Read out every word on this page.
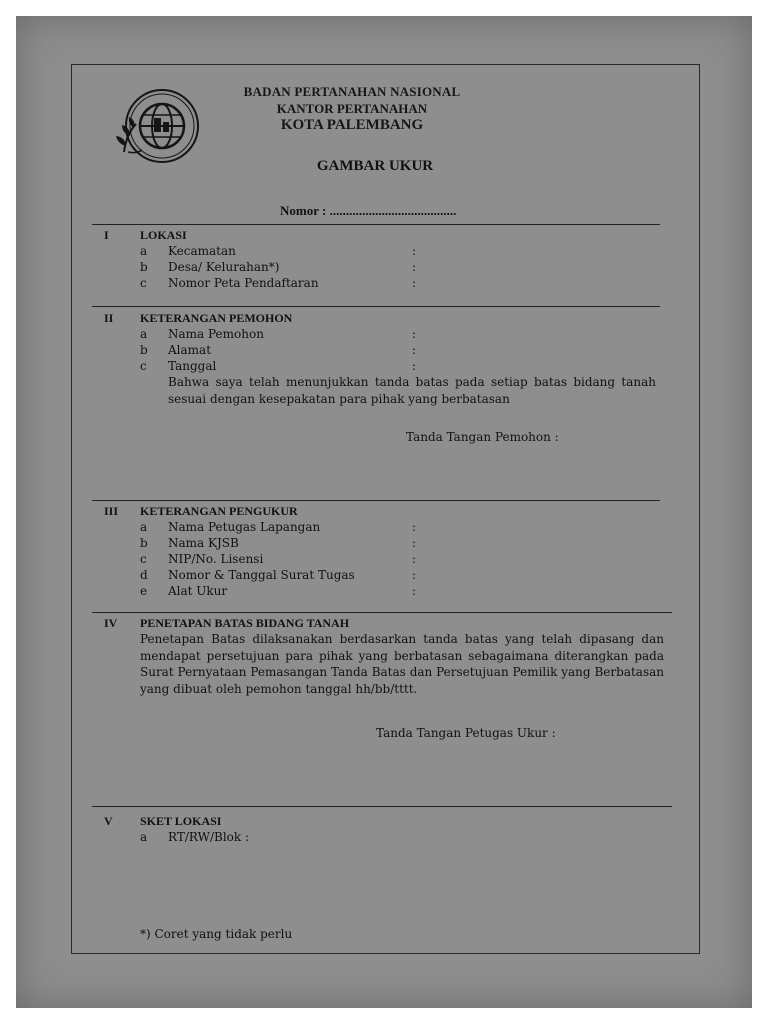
BADAN PERTANAHAN NASIONAL
KANTOR PERTANAHAN
KOTA PALEMBANG
GAMBAR UKUR
Nomor : .......................................
I	LOKASI
a Kecamatan	:
b Desa/ Kelurahan*)	:
c Nomor Peta Pendaftaran	:
II KETERANGAN PEMOHON
a Nama Pemohon	:
b Alamat	:
c Tanggal	:
Bahwa saya telah menunjukkan tanda batas pada setiap batas bidang tanah sesuai dengan kesepakatan para pihak yang berbatasan
Tanda Tangan Pemohon :
III KETERANGAN PENGUKUR
a Nama Petugas Lapangan	:
b Nama KJSB	:
c NIP/No. Lisensi	:
d Nomor & Tanggal Surat Tugas	:
e Alat Ukur	:
IV PENETAPAN BATAS BIDANG TANAH
Penetapan Batas dilaksanakan berdasarkan tanda batas yang telah dipasang dan mendapat persetujuan para pihak yang berbatasan sebagaimana diterangkan pada Surat Pernyataan Pemasangan Tanda Batas dan Persetujuan Pemilik yang Berbatasan yang dibuat oleh pemohon tanggal hh/bb/tttt.
Tanda Tangan Petugas Ukur :
V SKET LOKASI
a RT/RW/Blok :
*) Coret yang tidak perlu
